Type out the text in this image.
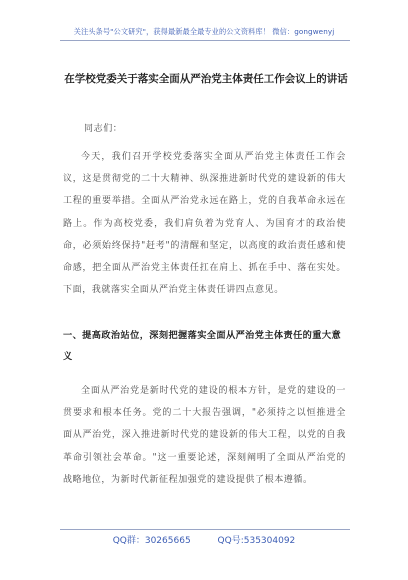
关注头条号"公文研究"，获得最新最全最专业的公文资料库！ 微信：gongwenyj
在学校党委关于落实全面从严治党主体责任工作会议上的讲话
同志们：
今天，我们召开学校党委落实全面从严治党主体责任工作会议，这是贯彻党的二十大精神、纵深推进新时代党的建设新的伟大工程的重要举措。全面从严治党永远在路上，党的自我革命永远在路上。作为高校党委，我们肩负着为党育人、为国育才的政治使命，必须始终保持"赶考"的清醒和坚定，以高度的政治责任感和使命感，把全面从严治党主体责任扛在肩上、抓在手中、落在实处。下面，我就落实全面从严治党主体责任讲四点意见。
一、提高政治站位，深刻把握落实全面从严治党主体责任的重大意义
全面从严治党是新时代党的建设的根本方针，是党的建设的一贯要求和根本任务。党的二十大报告强调，"必须持之以恒推进全面从严治党，深入推进新时代党的建设新的伟大工程，以党的自我革命引领社会革命。"这一重要论述，深刻阐明了全面从严治党的战略地位，为新时代新征程加强党的建设提供了根本遵循。
QQ群：30265665	QQ号:535304092
